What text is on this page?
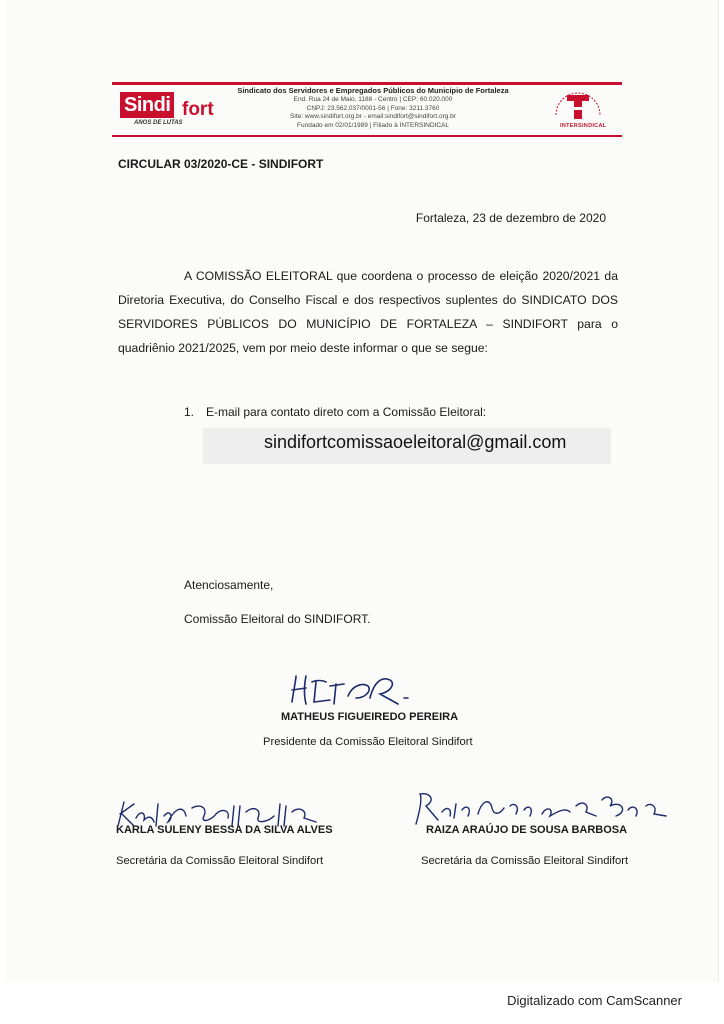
Sindi fort
ANOS DE LUTAS
Sindicato dos Servidores e Empregados Públicos do Município de Fortaleza
End. Rua 24 de Maio, 1188 - Centro | CEP: 60.020.000
CNPJ: 23.562.037/0001-56 | Fone: 3211.3760
Site: www.sindifort.org.br - email:sindifort@sindifort.org.br
Fundado em 02/01/1989 | Filiado à INTERSINDICAL	INTERSINDICAL
CIRCULAR 03/2020-CE - SINDIFORT
Fortaleza, 23 de dezembro de 2020

A COMISSÃO ELEITORAL que coordena o processo de eleição 2020/2021 da Diretoria Executiva, do Conselho Fiscal e dos respectivos suplentes do SINDICATO DOS SERVIDORES PÚBLICOS DO MUNICÍPIO DE FORTALEZA – SINDIFORT para o quadriênio 2021/2025, vem por meio deste informar o que se segue:

1. E-mail para contato direto com a Comissão Eleitoral:
sindifortcomissaoeleitoral@gmail.com
Atenciosamente,
Comissão Eleitoral do SINDIFORT.
MATHEUS FIGUEIREDO PEREIRA
Presidente da Comissão Eleitoral Sindifort
KARLA SULENY BESSA DA SILVA ALVES
Secretária da Comissão Eleitoral Sindifort
RAIZA ARAÚJO DE SOUSA BARBOSA
Secretária da Comissão Eleitoral Sindifort
Digitalizado com CamScanner
